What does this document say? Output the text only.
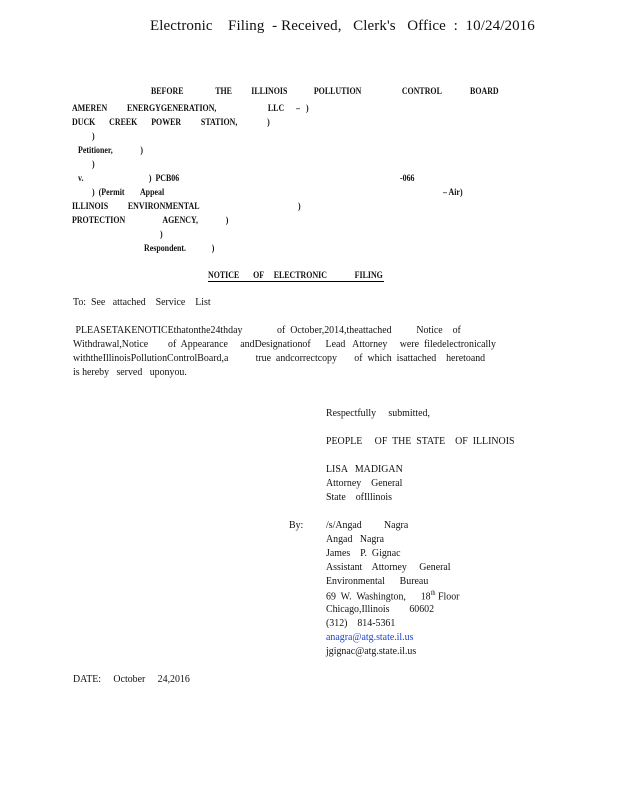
Electronic    Filing  - Received,   Clerk's   Office  :  10/24/2016

BEFORE	THE ILLINOIS	POLLUTION	CONTROL	BOARD

AMEREN          ENERGYGENERATION,                          LLC      –   )
DUCK       CREEK       POWER          STATION,               )
)
Petitioner,              )
)
v.                                 )  PCB06	-066
)  (Permit        Appeal	– Air)
ILLINOIS          ENVIRONMENTAL                                                  )
PROTECTION                   AGENCY,              )
)
Respondent.             )
NOTICE       OF     ELECTRONIC              FILING
To:  See   attached    Service    List
PLEASETAKENOTICEthatonthe24thday              of  October,2014,theattached          Notice    of
Withdrawal,Notice        of  Appearance     andDesignationof      Lead   Attorney     were  filedelectronically
withtheIllinoisPollutionControlBoard,a           true  andcorrectcopy       of  which  isattached    heretoand
is hereby   served   uponyou.
Respectfully     submitted,
PEOPLE     OF  THE  STATE    OF  ILLINOIS
LISA   MADIGAN
Attorney    General
State    ofIllinois
By: /s/Angad         Nagra
Angad   Nagra
James    P.  Gignac
Assistant    Attorney     General
Environmental      Bureau
69  W.  Washington,      18th Floor
Chicago,Illinois        60602
(312)    814-5361
anagra@atg.state.il.us
jgignac@atg.state.il.us
DATE:     October     24,2016
